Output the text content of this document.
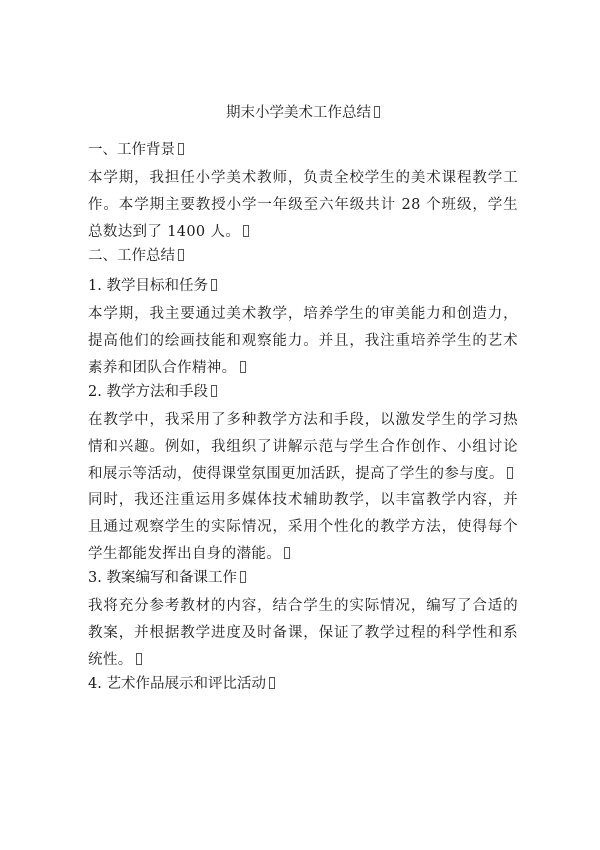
期末小学美术工作总结
一、工作背景
本学期，我担任小学美术教师，负责全校学生的美术课程教学工作。本学期主要教授小学一年级至六年级共计 28 个班级，学生总数达到了 1400 人。
二、工作总结
1. 教学目标和任务
本学期，我主要通过美术教学，培养学生的审美能力和创造力，提高他们的绘画技能和观察能力。并且，我注重培养学生的艺术素养和团队合作精神。
2. 教学方法和手段
在教学中，我采用了多种教学方法和手段，以激发学生的学习热情和兴趣。例如，我组织了讲解示范与学生合作创作、小组讨论和展示等活动，使得课堂氛围更加活跃，提高了学生的参与度。
同时，我还注重运用多媒体技术辅助教学，以丰富教学内容，并且通过观察学生的实际情况，采用个性化的教学方法，使得每个学生都能发挥出自身的潜能。
3. 教案编写和备课工作
我将充分参考教材的内容，结合学生的实际情况，编写了合适的教案，并根据教学进度及时备课，保证了教学过程的科学性和系统性。
4. 艺术作品展示和评比活动
